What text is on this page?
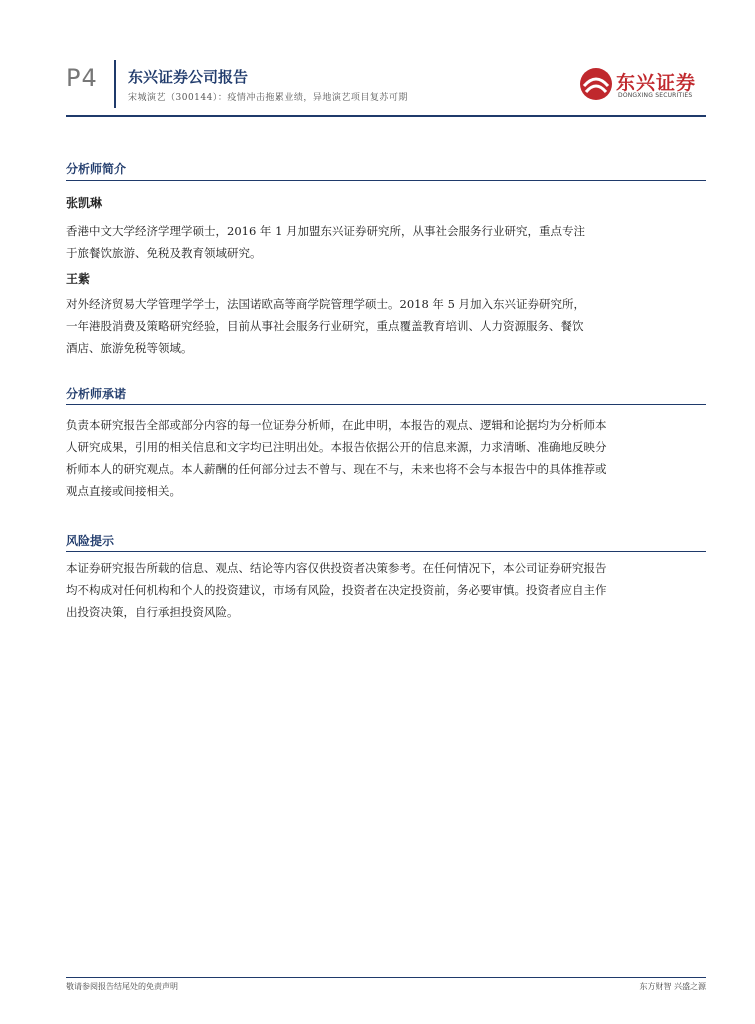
P4 东兴证券公司报告
宋城演艺（300144）：疫情冲击拖累业绩，异地演艺项目复苏可期
东兴证券
DONGXING SECURITIES
分析师简介
张凯琳
香港中文大学经济学理学硕士，2016 年 1 月加盟东兴证券研究所，从事社会服务行业研究，重点专注
于旅餐饮旅游、免税及教育领域研究。
王紫
对外经济贸易大学管理学学士，法国诺欧高等商学院管理学硕士。2018 年 5 月加入东兴证券研究所，
一年港股消费及策略研究经验，目前从事社会服务行业研究，重点覆盖教育培训、人力资源服务、餐饮
酒店、旅游免税等领域。
分析师承诺
负责本研究报告全部或部分内容的每一位证券分析师，在此申明，本报告的观点、逻辑和论据均为分析师本
人研究成果，引用的相关信息和文字均已注明出处。本报告依据公开的信息来源，力求清晰、准确地反映分
析师本人的研究观点。本人薪酬的任何部分过去不曾与、现在不与，未来也将不会与本报告中的具体推荐或
观点直接或间接相关。
风险提示
本证券研究报告所载的信息、观点、结论等内容仅供投资者决策参考。在任何情况下，本公司证券研究报告
均不构成对任何机构和个人的投资建议，市场有风险，投资者在决定投资前，务必要审慎。投资者应自主作
出投资决策，自行承担投资风险。
敬请参阅报告结尾处的免责声明	东方财智 兴盛之源
